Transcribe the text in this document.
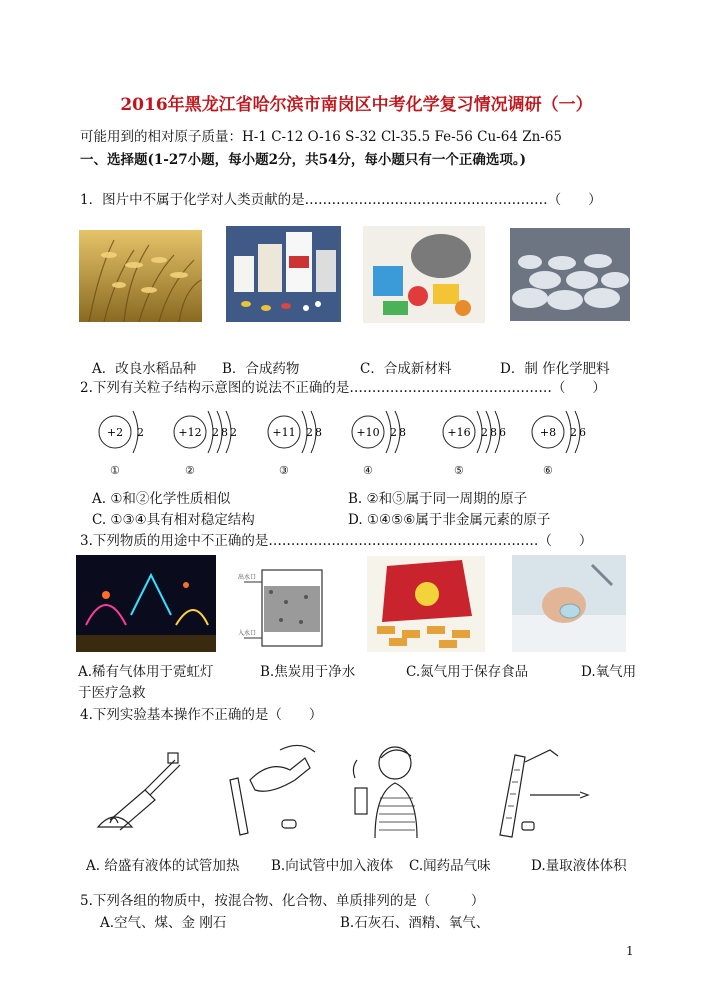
2016年黑龙江省哈尔滨市南岗区中考化学复习情况调研（一）
可能用到的相对原子质量：H-1 C-12 O-16 S-32 Cl-35.5 Fe-56 Cu-64 Zn-65
一、选择题(1-27小题，每小题2分，共54分，每小题只有一个正确选项。)
1．图片中不属于化学对人类贡献的是………………………………………………（　　）
A．改良水稻品种 B．合成药物	C．合成新材料	D．制 作化学肥料
2.下列有关粒子结构示意图的说法不正确的是………………………………………（　　）
+2 2
①
+12 282
②
+11 28
③
+10 28
④
+16 286
⑤
+8 26
⑥
A. ①和②化学性质相似	B. ②和⑤属于同一周期的原子
C. ①③④具有相对稳定结构	D. ①④⑤⑥属于非金属元素的原子
3.下列物质的用途中不正确的是……………………………………………………（　　）
出水口
入水口
A.稀有气体用于霓虹灯	B.焦炭用于净水	C.氮气用于保存食品	D.氧气用
于医疗急救
4.下列实验基本操作不正确的是（　　）
A. 给盛有液体的试管加热 B.向试管中加入液体 C.闻药品气味	D.量取液体体积
5.下列各组的物质中，按混合物、化合物、单质排列的是（　　　）
A.空气、煤、金 刚石	B.石灰石、酒精、氧气、
1
